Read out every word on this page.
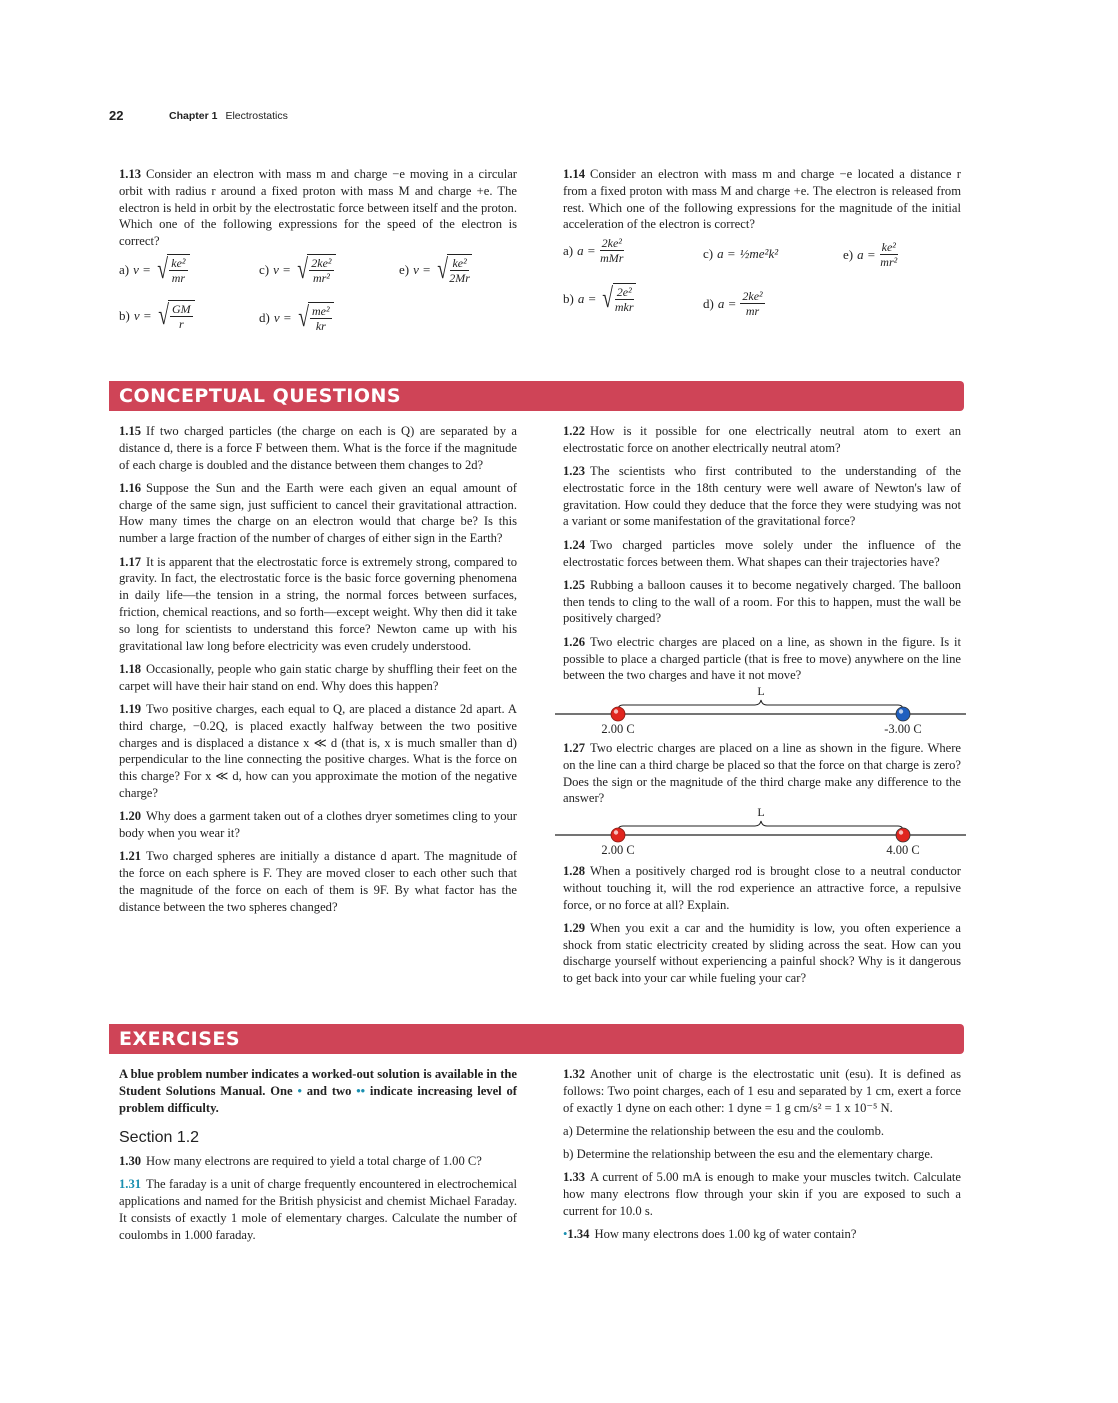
22	Chapter 1 Electrostatics

1.13 Consider an electron with mass m and charge −e moving in a circular orbit with radius r around a fixed proton with mass M and charge +e. The electron is held in orbit by the electrostatic force between itself and the proton. Which one of the following expressions for the speed of the electron is correct?

a) v = √ $\frac{\text{ke²}}{mr}$
b) v = √ $\frac{GM}{r}$
c) v = √ $\frac{\text{2ke²}}{\text{mr²}}$
d) v = √ $\frac{\text{me²}}{kr}$
e) v = √ $\frac{\text{ke²}}{2Mr}$

1.14 Consider an electron with mass m and charge −e located a distance r from a fixed proton with mass M and charge +e. The electron is released from rest. Which one of the following expressions for the magnitude of the initial acceleration of the electron is correct?

a) $a = \frac{\text{2ke²}}{\text{mMr}}$
b) a = √ $\frac{\text{2e²}}{\text{mkr}}$
c) a = ½me²k²
d) $a = \frac{\text{2ke²}}{mr}$
e) $a = \frac{\text{ke²}}{\text{mr²}}$
CONCEPTUAL QUESTIONS

1.15 If two charged particles (the charge on each is Q) are separated by a distance d, there is a force F between them. What is the force if the magnitude of each charge is doubled and the distance between them changes to 2d?

1.16 Suppose the Sun and the Earth were each given an equal amount of charge of the same sign, just sufficient to cancel their gravitational attraction. How many times the charge on an electron would that charge be? Is this number a large fraction of the number of charges of either sign in the Earth?

1.17 It is apparent that the electrostatic force is extremely strong, compared to gravity. In fact, the electrostatic force is the basic force governing phenomena in daily life—the tension in a string, the normal forces between surfaces, friction, chemical reactions, and so forth—except weight. Why then did it take so long for scientists to understand this force? Newton came up with his gravitational law long before electricity was even crudely understood.

1.18 Occasionally, people who gain static charge by shuffling their feet on the carpet will have their hair stand on end. Why does this happen?

1.19 Two positive charges, each equal to Q, are placed a distance 2d apart. A third charge, −0.2Q, is placed exactly halfway between the two positive charges and is displaced a distance x ≪ d (that is, x is much smaller than d) perpendicular to the line connecting the positive charges. What is the force on this charge? For x ≪ d, how can you approximate the motion of the negative charge?

1.20 Why does a garment taken out of a clothes dryer sometimes cling to your body when you wear it?

1.21 Two charged spheres are initially a distance d apart. The magnitude of the force on each sphere is F. They are moved closer to each other such that the magnitude of the force on each of them is 9F. By what factor has the distance between the two spheres changed?

1.22 How is it possible for one electrically neutral atom to exert an electrostatic force on another electrically neutral atom?

1.23 The scientists who first contributed to the understanding of the electrostatic force in the 18th century were well aware of Newton's law of gravitation. How could they deduce that the force they were studying was not a variant or some manifestation of the gravitational force?

1.24 Two charged particles move solely under the influence of the electrostatic forces between them. What shapes can their trajectories have?

1.25 Rubbing a balloon causes it to become negatively charged. The balloon then tends to cling to the wall of a room. For this to happen, must the wall be positively charged?

1.26 Two electric charges are placed on a line, as shown in the figure. Is it possible to place a charged particle (that is free to move) anywhere on the line between the two charges and have it not move?

L
2.00 C	-3.00 C

1.27 Two electric charges are placed on a line as shown in the figure. Where on the line can a third charge be placed so that the force on that charge is zero? Does the sign or the magnitude of the third charge make any difference to the answer?

L
2.00 C	4.00 C

1.28 When a positively charged rod is brought close to a neutral conductor without touching it, will the rod experience an attractive force, a repulsive force, or no force at all? Explain.

1.29 When you exit a car and the humidity is low, you often experience a shock from static electricity created by sliding across the seat. How can you discharge yourself without experiencing a painful shock? Why is it dangerous to get back into your car while fueling your car?

EXERCISES

A blue problem number indicates a worked-out solution is available in the Student Solutions Manual. One • and two •• indicate increasing level of problem difficulty.

Section 1.2

1.30 How many electrons are required to yield a total charge of 1.00 C?

1.31 The faraday is a unit of charge frequently encountered in electrochemical applications and named for the British physicist and chemist Michael Faraday. It consists of exactly 1 mole of elementary charges. Calculate the number of coulombs in 1.000 faraday.

1.32 Another unit of charge is the electrostatic unit (esu). It is defined as follows: Two point charges, each of 1 esu and separated by 1 cm, exert a force of exactly 1 dyne on each other: 1 dyne = 1 g cm/s² = 1 x 10⁻⁵ N.

a) Determine the relationship between the esu and the coulomb.

b) Determine the relationship between the esu and the elementary charge.

1.33 A current of 5.00 mA is enough to make your muscles twitch. Calculate how many electrons flow through your skin if you are exposed to such a current for 10.0 s.

•1.34 How many electrons does 1.00 kg of water contain?
